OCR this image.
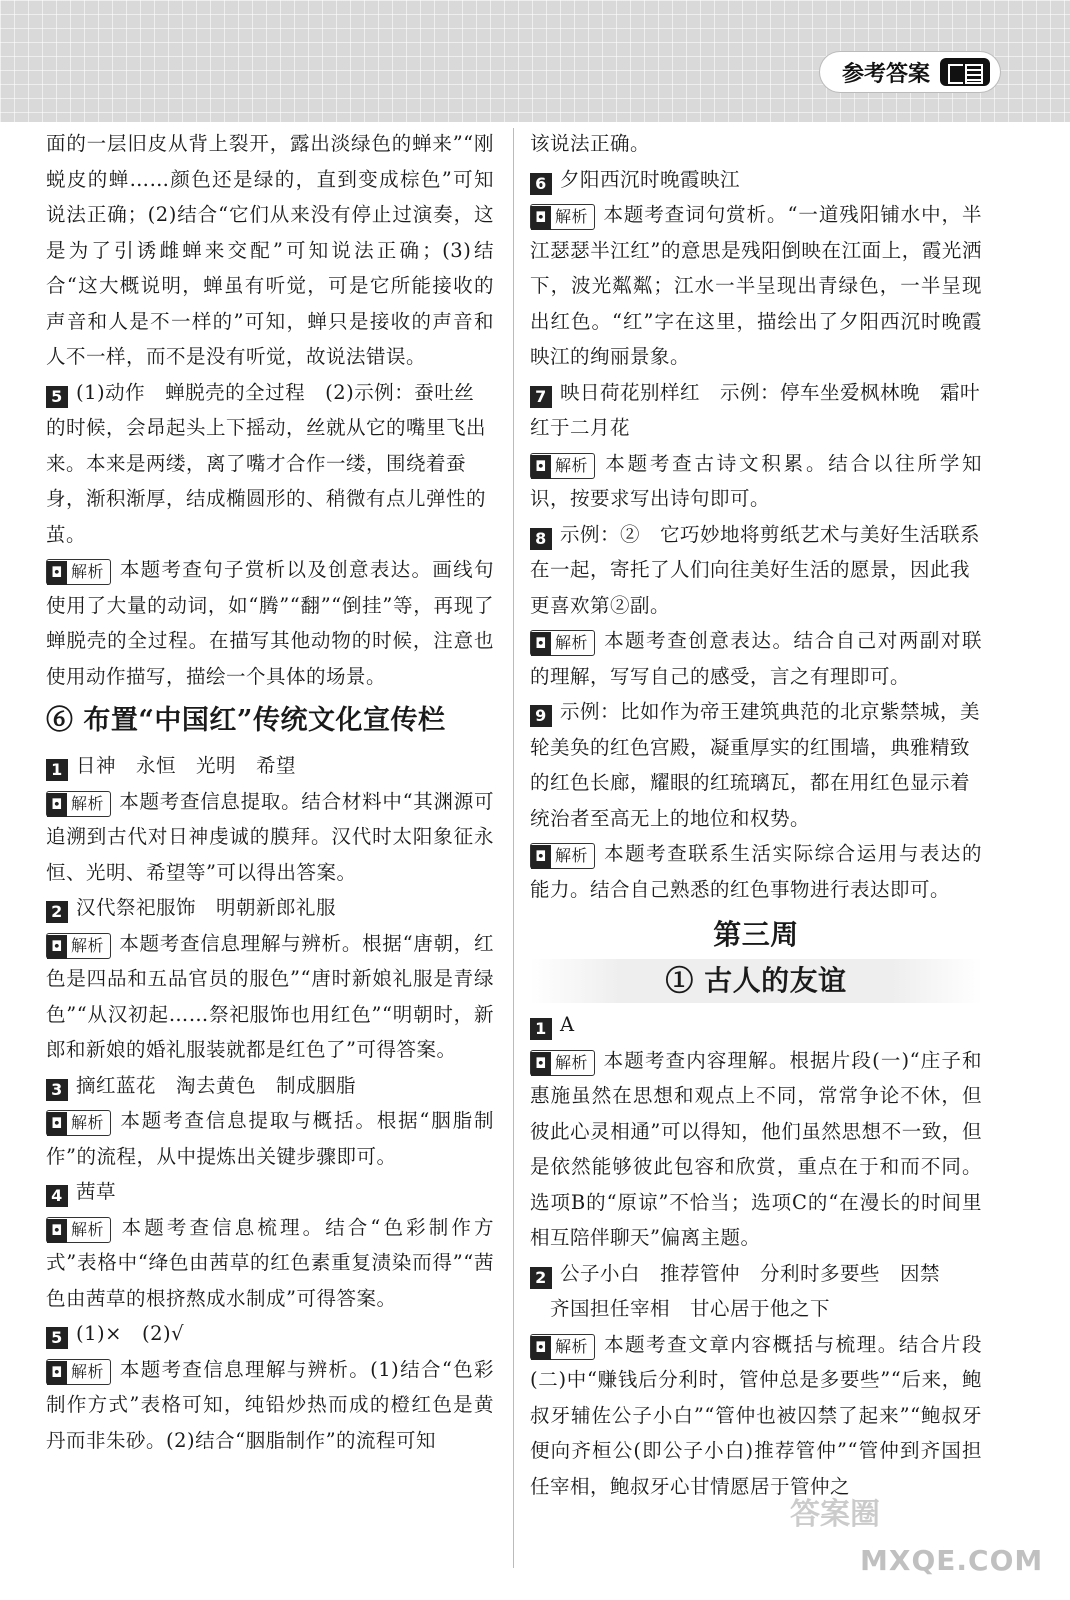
参考答案

面的一层旧皮从背上裂开，露出淡绿色的蝉来”“刚蜕皮的蝉……颜色还是绿的，直到变成棕色”可知说法正确；(2)结合“它们从来没有停止过演奏，这是为了引诱雌蝉来交配”可知说法正确；(3)结合“这大概说明，蝉虽有听觉，可是它所能接收的声音和人是不一样的”可知，蝉只是接收的声音和人不一样，而不是没有听觉，故说法错误。

5 (1)动作　蝉脱壳的全过程　(2)示例：蚕吐丝的时候，会昂起头上下摇动，丝就从它的嘴里飞出来。本来是两缕，离了嘴才合作一缕，围绕着蚕身，渐积渐厚，结成椭圆形的、稍微有点儿弹性的茧。

◘ 解析 本题考查句子赏析以及创意表达。画线句使用了大量的动词，如“腾”“翻”“倒挂”等，再现了蝉脱壳的全过程。在描写其他动物的时候，注意也使用动作描写，描绘一个具体的场景。

⑥ 布置“中国红”传统文化宣传栏

1 日神　永恒　光明　希望

◘ 解析 本题考查信息提取。结合材料中“其渊源可追溯到古代对日神虔诚的膜拜。汉代时太阳象征永恒、光明、希望等”可以得出答案。

2 汉代祭祀服饰　明朝新郎礼服

◘ 解析 本题考查信息理解与辨析。根据“唐朝，红色是四品和五品官员的服色”“唐时新娘礼服是青绿色”“从汉初起……祭祀服饰也用红色”“明朝时，新郎和新娘的婚礼服装就都是红色了”可得答案。

3 摘红蓝花　淘去黄色　制成胭脂

◘ 解析 本题考查信息提取与概括。根据“胭脂制作”的流程，从中提炼出关键步骤即可。

4 茜草

◘ 解析 本题考查信息梳理。结合“色彩制作方式”表格中“绛色由茜草的红色素重复渍染而得”“茜色由茜草的根挤熬成水制成”可得答案。

5 (1)×　(2)√

◘ 解析 本题考查信息理解与辨析。(1)结合“色彩制作方式”表格可知，纯铅炒热而成的橙红色是黄丹而非朱砂。(2)结合“胭脂制作”的流程可知

该说法正确。

6 夕阳西沉时晚霞映江

◘ 解析 本题考查词句赏析。“一道残阳铺水中，半江瑟瑟半江红”的意思是残阳倒映在江面上，霞光洒下，波光粼粼；江水一半呈现出青绿色，一半呈现出红色。“红”字在这里，描绘出了夕阳西沉时晚霞映江的绚丽景象。

7 映日荷花别样红　示例：停车坐爱枫林晚　霜叶红于二月花

◘ 解析 本题考查古诗文积累。结合以往所学知识，按要求写出诗句即可。

8 示例：②　它巧妙地将剪纸艺术与美好生活联系在一起，寄托了人们向往美好生活的愿景，因此我更喜欢第②副。

◘ 解析 本题考查创意表达。结合自己对两副对联的理解，写写自己的感受，言之有理即可。

9 示例：比如作为帝王建筑典范的北京紫禁城，美轮美奂的红色宫殿，凝重厚实的红围墙，典雅精致的红色长廊，耀眼的红琉璃瓦，都在用红色显示着统治者至高无上的地位和权势。

◘ 解析 本题考查联系生活实际综合运用与表达的能力。结合自己熟悉的红色事物进行表达即可。

第三周
① 古人的友谊

1 A

◘ 解析 本题考查内容理解。根据片段(一)“庄子和惠施虽然在思想和观点上不同，常常争论不休，但彼此心灵相通”可以得知，他们虽然思想不一致，但是依然能够彼此包容和欣赏，重点在于和而不同。选项B的“原谅”不恰当；选项C的“在漫长的时间里相互陪伴聊天”偏离主题。

2 公子小白　推荐管仲　分利时多要些　因禁

齐国担任宰相　甘心居于他之下

◘ 解析 本题考查文章内容概括与梳理。结合片段(二)中“赚钱后分利时，管仲总是多要些”“后来，鲍叔牙辅佐公子小白”“管仲也被囚禁了起来”“鲍叔牙便向齐桓公(即公子小白)推荐管仲”“管仲到齐国担任宰相，鲍叔牙心甘情愿居于管仲之

答案圈
MXQE.COM
